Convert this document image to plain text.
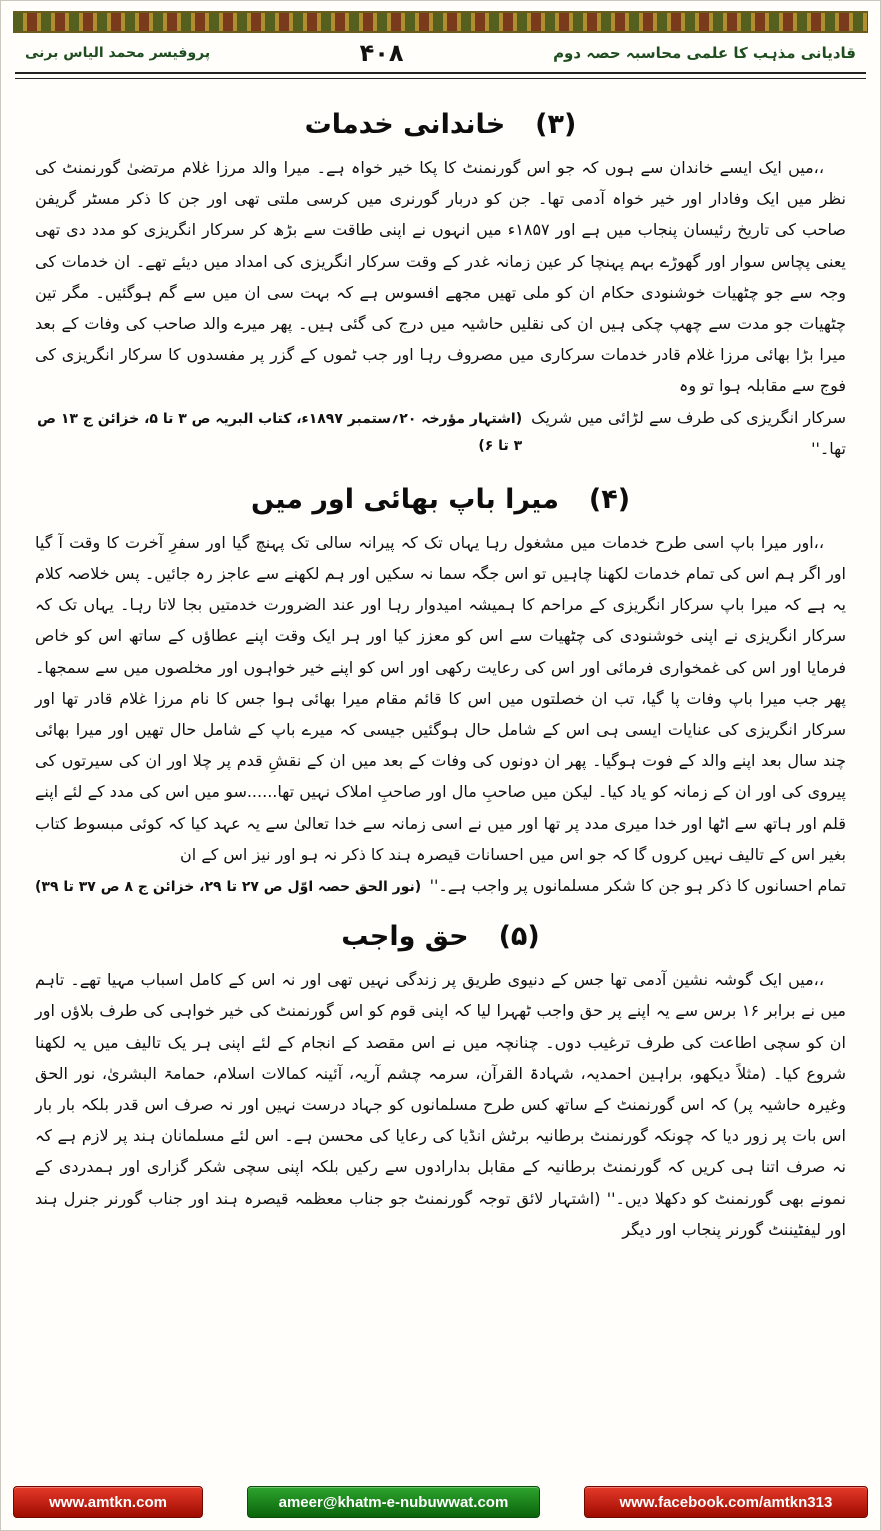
قادیانی مذہب کا علمی محاسبہ حصہ دوم
۴۰۸
پروفیسر محمد الیاس برنی
(۳)
خاندانی خدمات

،،میں ایک ایسے خاندان سے ہوں کہ جو اس گورنمنٹ کا پکا خیر خواہ ہے۔ میرا والد مرزا غلام مرتضیٰ گورنمنٹ کی نظر میں ایک وفادار اور خیر خواہ آدمی تھا۔ جن کو دربار گورنری میں کرسی ملتی تھی اور جن کا ذکر مسٹر گریفن صاحب کی تاریخ رئیسان پنجاب میں ہے اور ۱۸۵۷ء میں انہوں نے اپنی طاقت سے بڑھ کر سرکار انگریزی کو مدد دی تھی یعنی پچاس سوار اور گھوڑے بہم پہنچا کر عین زمانہ غدر کے وقت سرکار انگریزی کی امداد میں دیئے تھے۔ ان خدمات کی وجہ سے جو چٹھیات خوشنودی حکام ان کو ملی تھیں مجھے افسوس ہے کہ بہت سی ان میں سے گم ہوگئیں۔ مگر تین چٹھیات جو مدت سے چھپ چکی ہیں ان کی نقلیں حاشیہ میں درج کی گئی ہیں۔ پھر میرے والد صاحب کی وفات کے بعد میرا بڑا بھائی مرزا غلام قادر خدمات سرکاری میں مصروف رہا اور جب ٹموں کے گزر پر مفسدوں کا سرکار انگریزی کی فوج سے مقابلہ ہوا تو وہ

سرکار انگریزی کی طرف سے لڑائی میں شریک تھا۔''
(اشتہار مؤرخہ ۲۰؍ستمبر ۱۸۹۷ء، کتاب البریہ ص ۳ تا ۵، خزائن ج ۱۳ ص ۳ تا ۶)
(۴)
میرا باپ بھائی اور میں

،،اور میرا باپ اسی طرح خدمات میں مشغول رہا یہاں تک کہ پیرانہ سالی تک پہنچ گیا اور سفرِ آخرت کا وقت آ گیا اور اگر ہم اس کی تمام خدمات لکھنا چاہیں تو اس جگہ سما نہ سکیں اور ہم لکھنے سے عاجز رہ جائیں۔ پس خلاصہ کلام یہ ہے کہ میرا باپ سرکار انگریزی کے مراحم کا ہمیشہ امیدوار رہا اور عند الضرورت خدمتیں بجا لاتا رہا۔ یہاں تک کہ سرکار انگریزی نے اپنی خوشنودی کی چٹھیات سے اس کو معزز کیا اور ہر ایک وقت اپنے عطاؤں کے ساتھ اس کو خاص فرمایا اور اس کی غمخواری فرمائی اور اس کی رعایت رکھی اور اس کو اپنے خیر خواہوں اور مخلصوں میں سے سمجھا۔ پھر جب میرا باپ وفات پا گیا، تب ان خصلتوں میں اس کا قائم مقام میرا بھائی ہوا جس کا نام مرزا غلام قادر تھا اور سرکار انگریزی کی عنایات ایسی ہی اس کے شامل حال ہوگئیں جیسی کہ میرے باپ کے شامل حال تھیں اور میرا بھائی چند سال بعد اپنے والد کے فوت ہوگیا۔ پھر ان دونوں کی وفات کے بعد میں ان کے نقشِ قدم پر چلا اور ان کی سیرتوں کی پیروی کی اور ان کے زمانہ کو یاد کیا۔ لیکن میں صاحبِ مال اور صاحبِ املاک نہیں تھا......سو میں اس کی مدد کے لئے اپنے قلم اور ہاتھ سے اٹھا اور خدا میری مدد پر تھا اور میں نے اسی زمانہ سے خدا تعالیٰ سے یہ عہد کیا کہ کوئی مبسوط کتاب بغیر اس کے تالیف نہیں کروں گا کہ جو اس میں احسانات قیصرہ ہند کا ذکر نہ ہو اور نیز اس کے ان

تمام احسانوں کا ذکر ہو جن کا شکر مسلمانوں پر واجب ہے۔''
(نور الحق حصہ اوّل ص ۲۷ تا ۲۹، خزائن ج ۸ ص ۳۷ تا ۳۹)
(۵)
حق واجب

،،میں ایک گوشہ نشین آدمی تھا جس کے دنیوی طریق پر زندگی نہیں تھی اور نہ اس کے کامل اسباب مہیا تھے۔ تاہم میں نے برابر ۱۶ برس سے یہ اپنے پر حق واجب ٹھہرا لیا کہ اپنی قوم کو اس گورنمنٹ کی خیر خواہی کی طرف بلاؤں اور ان کو سچی اطاعت کی طرف ترغیب دوں۔ چنانچہ میں نے اس مقصد کے انجام کے لئے اپنی ہر یک تالیف میں یہ لکھنا شروع کیا۔ (مثلاً دیکھو، براہین احمدیہ، شہادۃ القرآن، سرمہ چشم آریہ، آئینہ کمالات اسلام، حمامۃ البشریٰ، نور الحق وغیرہ حاشیہ پر) کہ اس گورنمنٹ کے ساتھ کس طرح مسلمانوں کو جہاد درست نہیں اور نہ صرف اس قدر بلکہ بار بار اس بات پر زور دیا کہ چونکہ گورنمنٹ برطانیہ برٹش انڈیا کی رعایا کی محسن ہے۔ اس لئے مسلمانان ہند پر لازم ہے کہ نہ صرف اتنا ہی کریں کہ گورنمنٹ برطانیہ کے مقابل بدارادوں سے رکیں بلکہ اپنی سچی شکر گزاری اور ہمدردی کے نمونے بھی گورنمنٹ کو دکھلا دیں۔'' (اشتہار لائق توجہ گورنمنٹ جو جناب معظمہ قیصرہ ہند اور جناب گورنر جنرل ہند اور لیفٹیننٹ گورنر پنجاب اور دیگر

www.amtkn.com	ameer@khatm-e-nubuwwat.com	www.facebook.com/amtkn313
